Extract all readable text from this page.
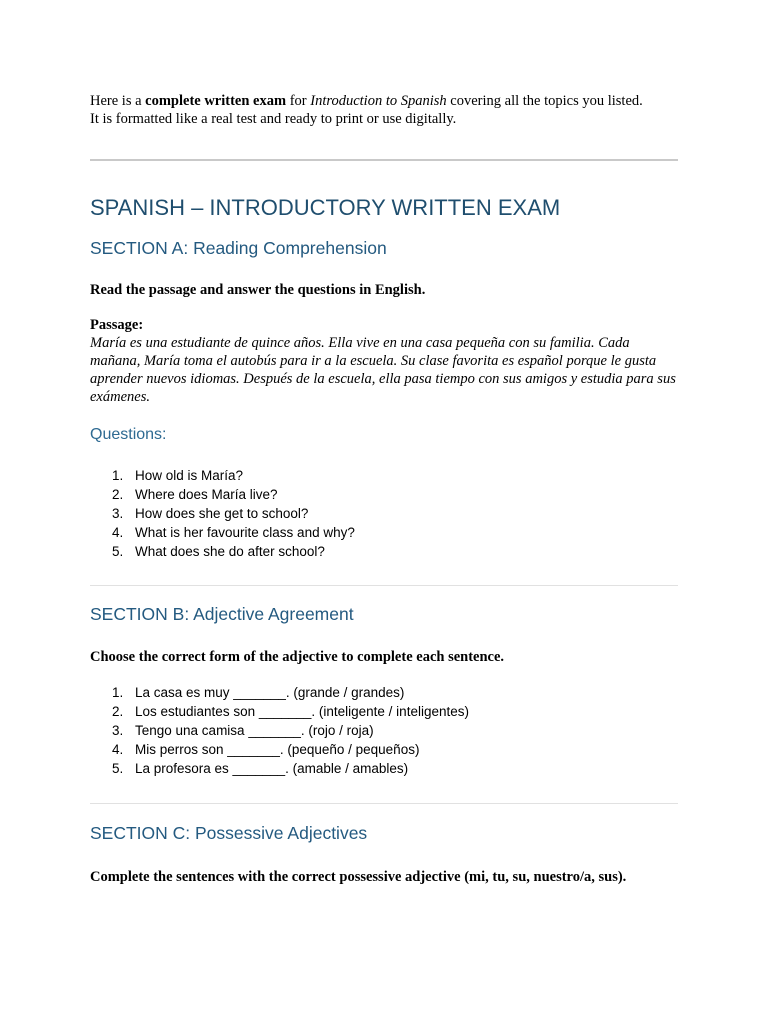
Here is a complete written exam for Introduction to Spanish covering all the topics you listed.
It is formatted like a real test and ready to print or use digitally.

SPANISH – INTRODUCTORY WRITTEN EXAM
SECTION A: Reading Comprehension

Read the passage and answer the questions in English.

Passage:

María es una estudiante de quince años. Ella vive en una casa pequeña con su familia. Cada mañana, María toma el autobús para ir a la escuela. Su clase favorita es español porque le gusta aprender nuevos idiomas. Después de la escuela, ella pasa tiempo con sus amigos y estudia para sus exámenes.

Questions:
1. How old is María?
2. Where does María live?
3. How does she get to school?
4. What is her favourite class and why?
5. What does she do after school?
SECTION B: Adjective Agreement

Choose the correct form of the adjective to complete each sentence.

1. La casa es muy _______. (grande / grandes)
2. Los estudiantes son _______. (inteligente / inteligentes)
3. Tengo una camisa _______. (rojo / roja)
4. Mis perros son _______. (pequeño / pequeños)
5. La profesora es _______. (amable / amables)
SECTION C: Possessive Adjectives

Complete the sentences with the correct possessive adjective (mi, tu, su, nuestro/a, sus).
